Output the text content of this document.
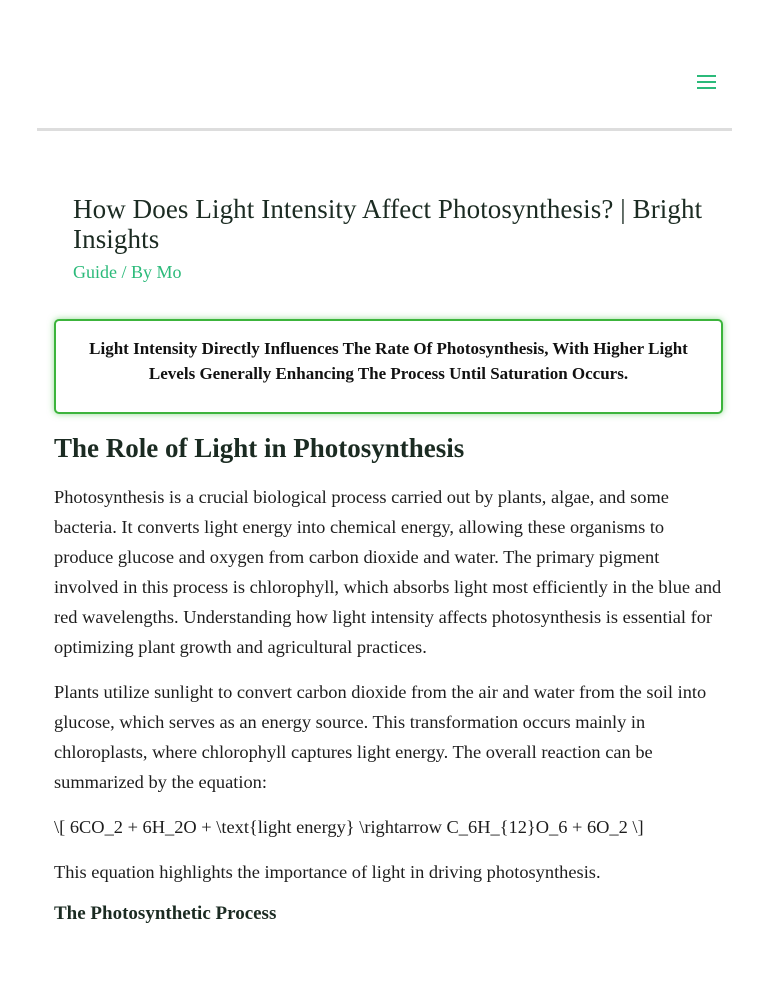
How Does Light Intensity Affect Photosynthesis? | Bright Insights
Guide / By Mo
Light Intensity Directly Influences The Rate Of Photosynthesis, With Higher Light Levels Generally Enhancing The Process Until Saturation Occurs.
The Role of Light in Photosynthesis

Photosynthesis is a crucial biological process carried out by plants, algae, and some bacteria. It converts light energy into chemical energy, allowing these organisms to produce glucose and oxygen from carbon dioxide and water. The primary pigment involved in this process is chlorophyll, which absorbs light most efficiently in the blue and red wavelengths. Understanding how light intensity affects photosynthesis is essential for optimizing plant growth and agricultural practices.

Plants utilize sunlight to convert carbon dioxide from the air and water from the soil into glucose, which serves as an energy source. This transformation occurs mainly in chloroplasts, where chlorophyll captures light energy. The overall reaction can be summarized by the equation:

\[ 6CO_2 + 6H_2O + \text{light energy} \rightarrow C_6H_{12}O_6 + 6O_2 \]

This equation highlights the importance of light in driving photosynthesis.

The Photosynthetic Process
